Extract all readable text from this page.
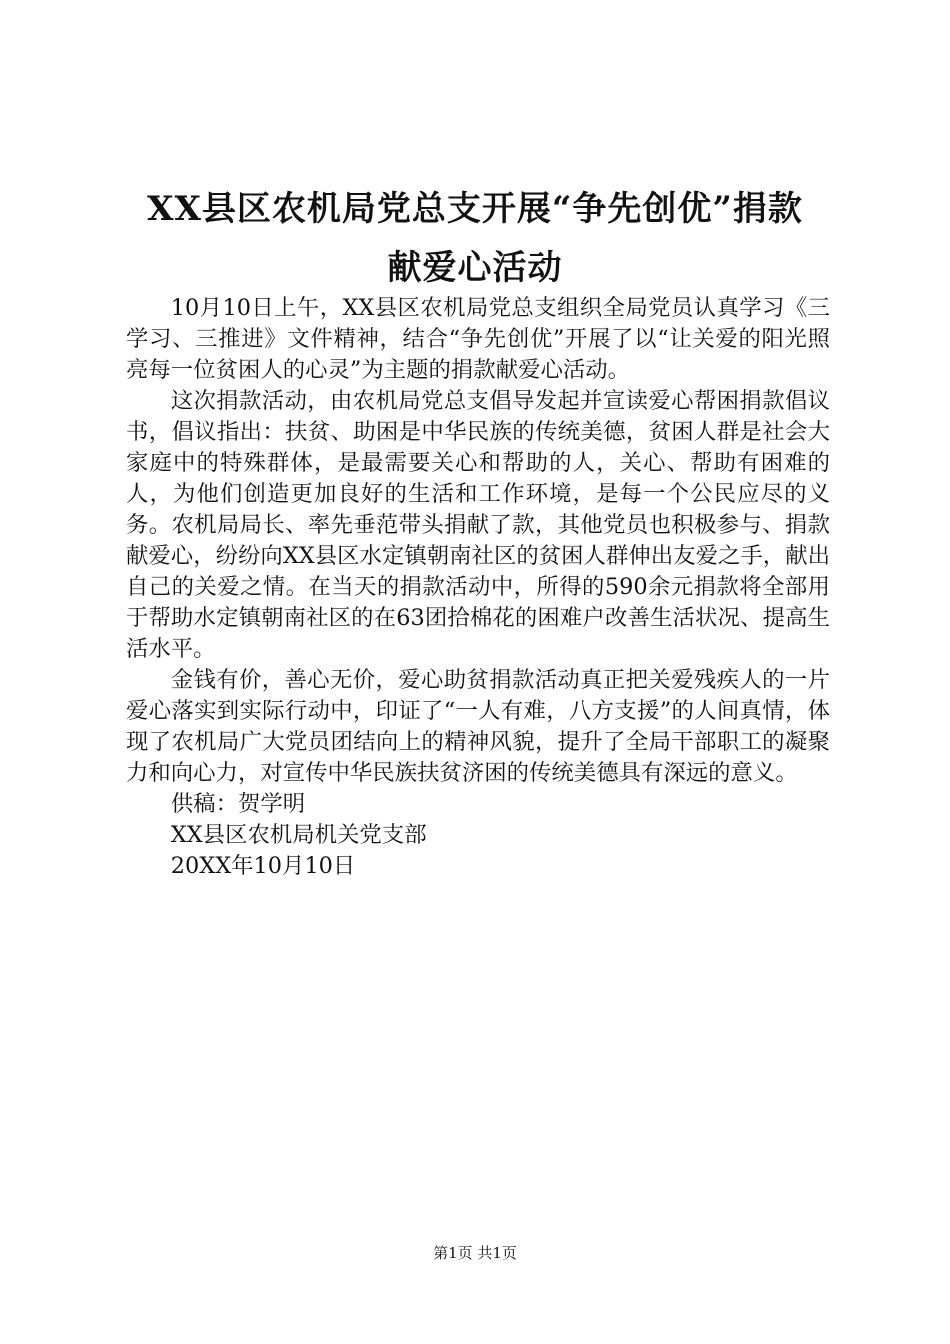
XX县区农机局党总支开展“争先创优”捐款
献爱心活动

10月10日上午，XX县区农机局党总支组织全局党员认真学习《三学习、三推进》文件精神，结合“争先创优”开展了以“让关爱的阳光照亮每一位贫困人的心灵”为主题的捐款献爱心活动。

这次捐款活动，由农机局党总支倡导发起并宣读爱心帮困捐款倡议书，倡议指出：扶贫、助困是中华民族的传统美德，贫困人群是社会大家庭中的特殊群体，是最需要关心和帮助的人，关心、帮助有困难的人，为他们创造更加良好的生活和工作环境，是每一个公民应尽的义务。农机局局长、率先垂范带头捐献了款，其他党员也积极参与、捐款献爱心，纷纷向XX县区水定镇朝南社区的贫困人群伸出友爱之手，献出自己的关爱之情。在当天的捐款活动中，所得的590余元捐款将全部用于帮助水定镇朝南社区的在63团拾棉花的困难户改善生活状况、提高生活水平。

金钱有价，善心无价，爱心助贫捐款活动真正把关爱残疾人的一片爱心落实到实际行动中，印证了“一人有难，八方支援”的人间真情，体现了农机局广大党员团结向上的精神风貌，提升了全局干部职工的凝聚力和向心力，对宣传中华民族扶贫济困的传统美德具有深远的意义。

供稿：贺学明

XX县区农机局机关党支部

20XX年10月10日

第1页 共1页
